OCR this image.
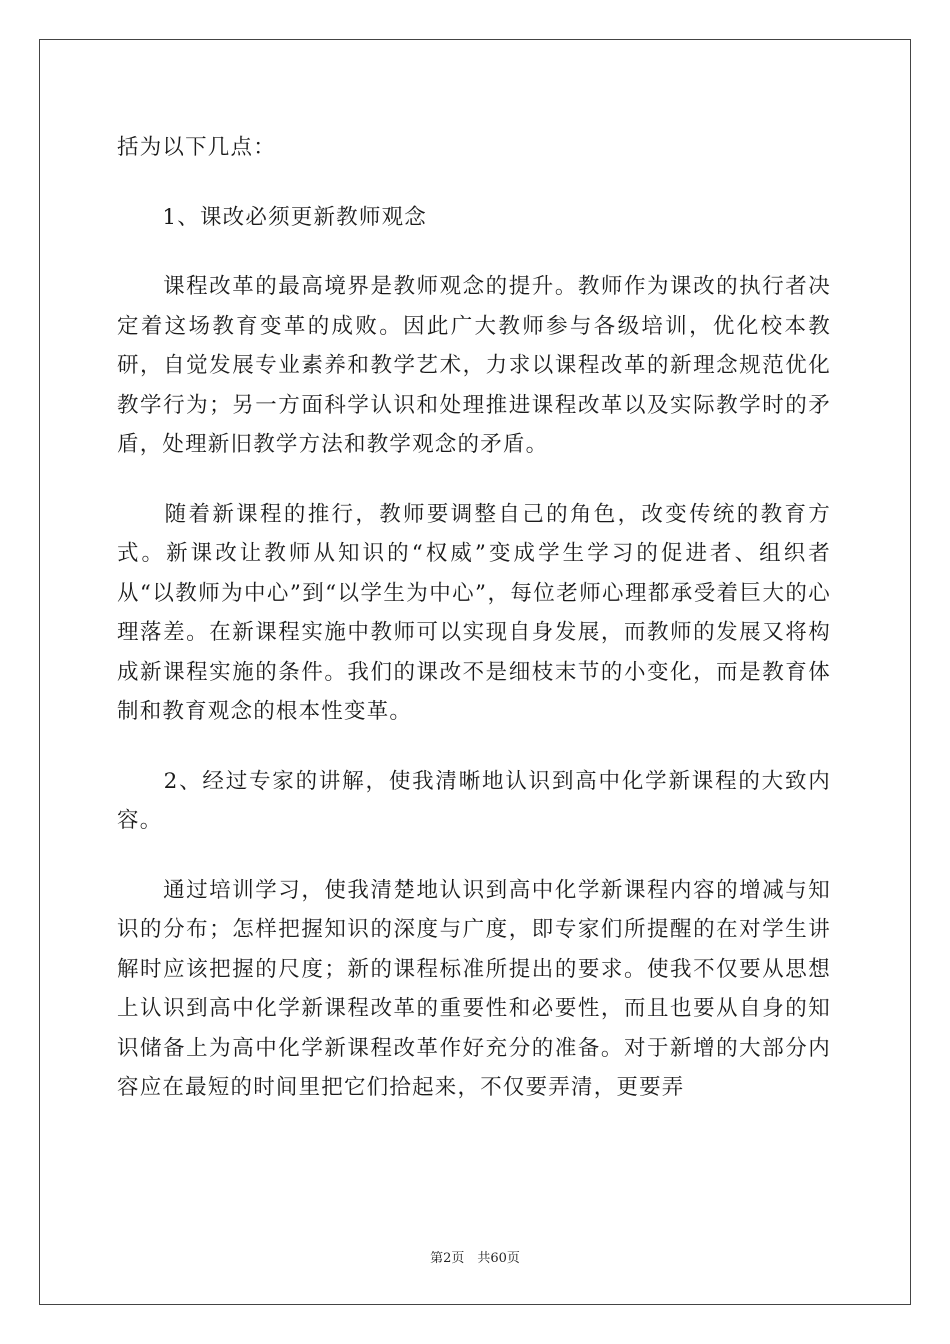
括为以下几点：

　　1、课改必须更新教师观念

　　课程改革的最高境界是教师观念的提升。教师作为课改的执行者决定着这场教育变革的成败。因此广大教师参与各级培训，优化校本教研，自觉发展专业素养和教学艺术，力求以课程改革的新理念规范优化教学行为；另一方面科学认识和处理推进课程改革以及实际教学时的矛盾，处理新旧教学方法和教学观念的矛盾。

　　随着新课程的推行，教师要调整自己的角色，改变传统的教育方式。新课改让教师从知识的“权威”变成学生学习的促进者、组织者从“以教师为中心”到“以学生为中心”，每位老师心理都承受着巨大的心理落差。在新课程实施中教师可以实现自身发展，而教师的发展又将构成新课程实施的条件。我们的课改不是细枝末节的小变化，而是教育体制和教育观念的根本性变革。

　　2、经过专家的讲解，使我清晰地认识到高中化学新课程的大致内容。

　　通过培训学习，使我清楚地认识到高中化学新课程内容的增减与知识的分布；怎样把握知识的深度与广度，即专家们所提醒的在对学生讲解时应该把握的尺度；新的课程标准所提出的要求。使我不仅要从思想上认识到高中化学新课程改革的重要性和必要性，而且也要从自身的知识储备上为高中化学新课程改革作好充分的准备。对于新增的大部分内容应在最短的时间里把它们拾起来，不仅要弄清，更要弄

第2页　共60页
